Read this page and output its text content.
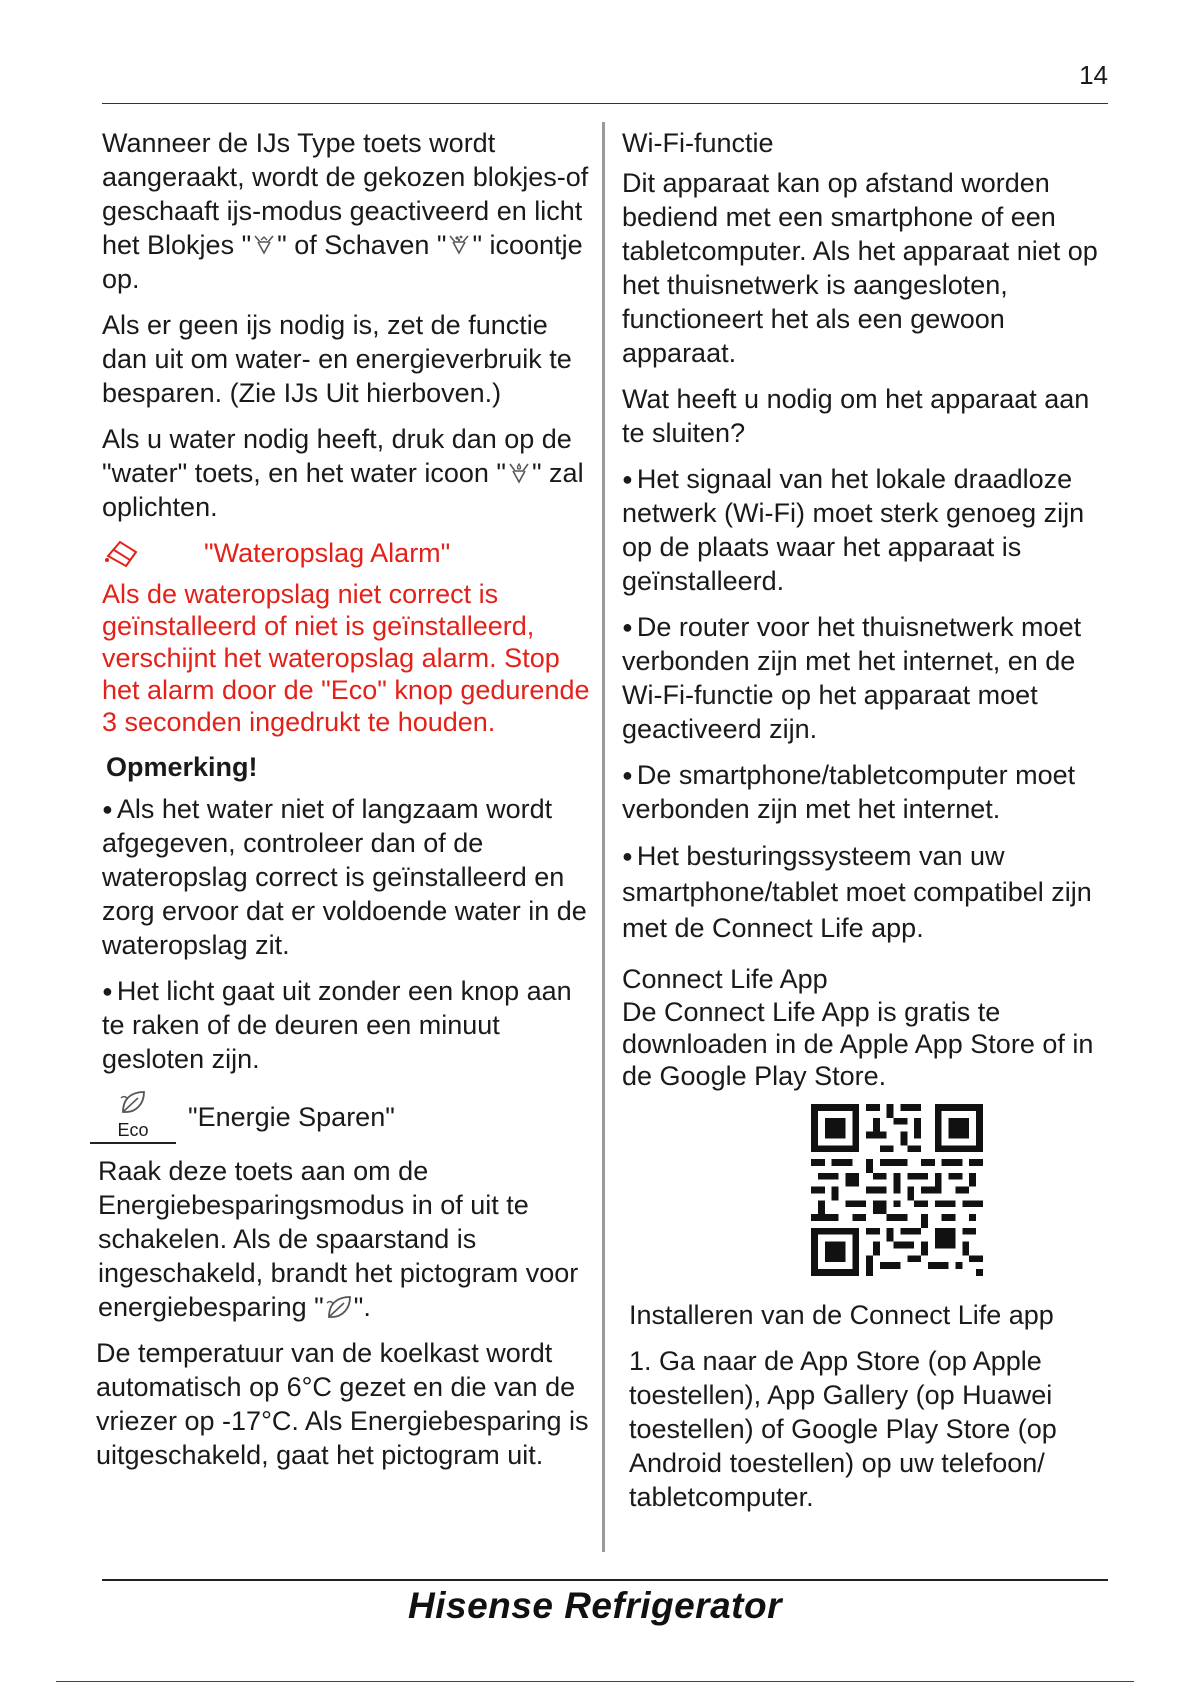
14

Wanneer de IJs Type toets wordt aangeraakt, wordt de gekozen blokjes-of geschaaft ijs-modus geactiveerd en licht het Blokjes " " of Schaven " " icoontje op.

Als er geen ijs nodig is, zet de functie dan uit om water- en energieverbruik te besparen. (Zie IJs Uit hierboven.)

Als u water nodig heeft, druk dan op de "water" toets, en het water icoon " " zal oplichten.

"Wateropslag Alarm"

Als de wateropslag niet correct is geïnstalleerd of niet is geïnstalleerd, verschijnt het wateropslag alarm. Stop het alarm door de "Eco" knop gedurende 3 seconden ingedrukt te houden.

Opmerking!

● Als het water niet of langzaam wordt afgegeven, controleer dan of de wateropslag correct is geïnstalleerd en zorg ervoor dat er voldoende water in de wateropslag zit.

● Het licht gaat uit zonder een knop aan te raken of de deuren een minuut gesloten zijn.

Eco	"Energie Sparen"

Raak deze toets aan om de Energiebesparingsmodus in of uit te schakelen. Als de spaarstand is ingeschakeld, brandt het pictogram voor energiebesparing " ".

De temperatuur van de koelkast wordt automatisch op 6°C gezet en die van de vriezer op -17°C. Als Energiebesparing is uitgeschakeld, gaat het pictogram uit.

Wi-Fi-functie

Dit apparaat kan op afstand worden bediend met een smartphone of een tabletcomputer. Als het apparaat niet op het thuisnetwerk is aangesloten, functioneert het als een gewoon apparaat.

Wat heeft u nodig om het apparaat aan te sluiten?

● Het signaal van het lokale draadloze netwerk (Wi-Fi) moet sterk genoeg zijn op de plaats waar het apparaat is geïnstalleerd.

● De router voor het thuisnetwerk moet verbonden zijn met het internet, en de Wi-Fi-functie op het apparaat moet geactiveerd zijn.

● De smartphone/tabletcomputer moet verbonden zijn met het internet.

● Het besturingssysteem van uw smartphone/tablet moet compatibel zijn met de Connect Life app.

Connect Life App

De Connect Life App is gratis te downloaden in de Apple App Store of in de Google Play Store.

Installeren van de Connect Life app

1. Ga naar de App Store (op Apple toestellen), App Gallery (op Huawei toestellen) of Google Play Store (op Android toestellen) op uw telefoon/ tabletcomputer.

Hisense Refrigerator
